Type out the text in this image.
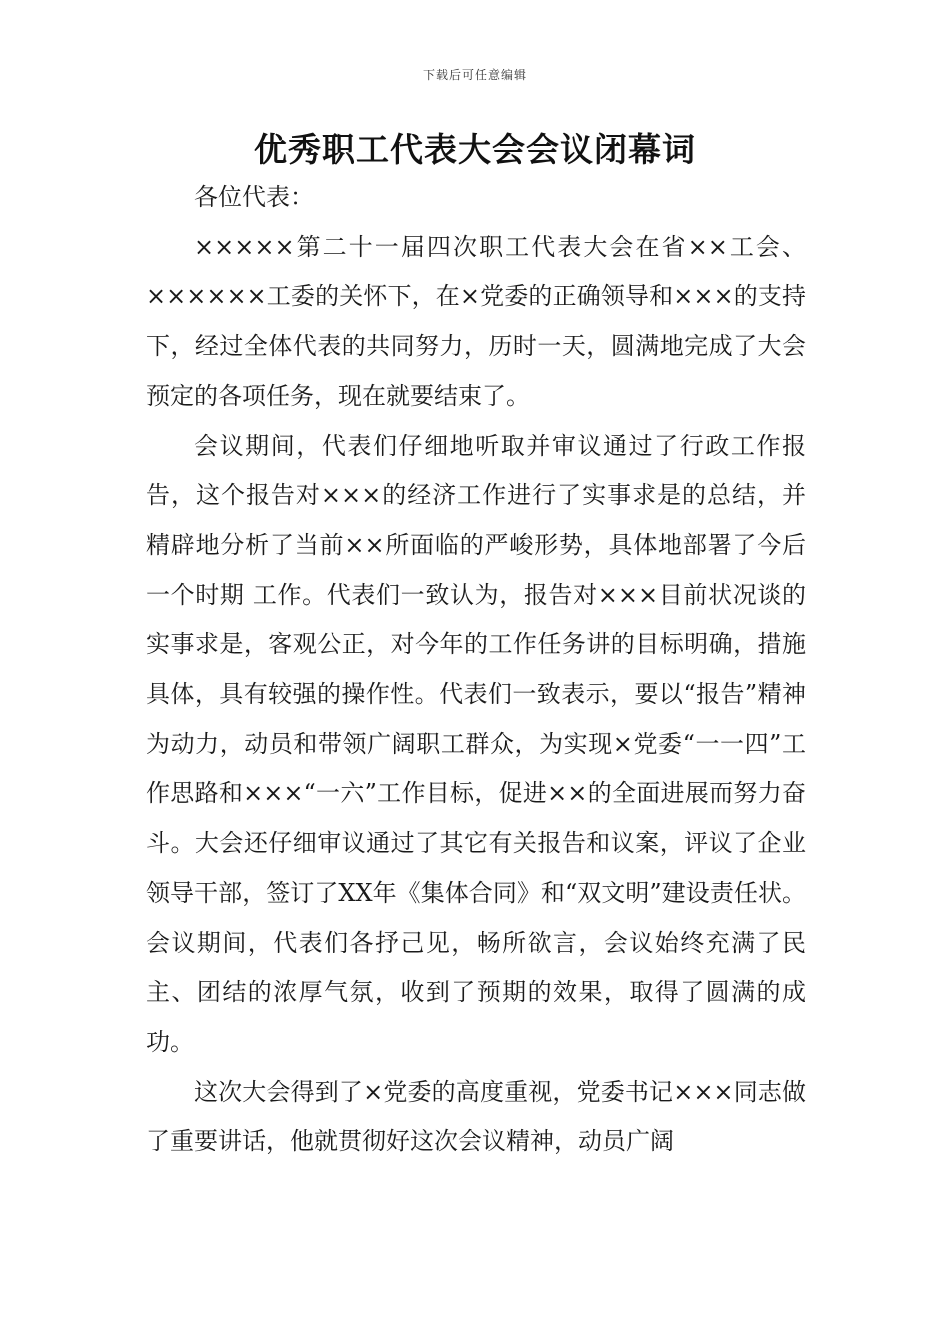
下载后可任意编辑
优秀职工代表大会会议闭幕词

各位代表：

×××××第二十一届四次职工代表大会在省××工会、××××××工委的关怀下，在×党委的正确领导和×××的支持下，经过全体代表的共同努力，历时一天，圆满地完成了大会预定的各项任务，现在就要结束了。

会议期间，代表们仔细地听取并审议通过了行政工作报告，这个报告对×××的经济工作进行了实事求是的总结，并精辟地分析了当前××所面临的严峻形势，具体地部署了今后一个时期 工作。代表们一致认为，报告对×××目前状况谈的实事求是，客观公正，对今年的工作任务讲的目标明确，措施具体，具有较强的操作性。代表们一致表示，要以“报告”精神为动力，动员和带领广阔职工群众，为实现×党委“一一四”工作思路和×××“一六”工作目标，促进××的全面进展而努力奋斗。大会还仔细审议通过了其它有关报告和议案，评议了企业领导干部，签订了XX年《集体合同》和“双文明”建设责任状。会议期间，代表们各抒己见，畅所欲言，会议始终充满了民主、团结的浓厚气氛，收到了预期的效果，取得了圆满的成功。

这次大会得到了×党委的高度重视，党委书记×××同志做了重要讲话，他就贯彻好这次会议精神，动员广阔
